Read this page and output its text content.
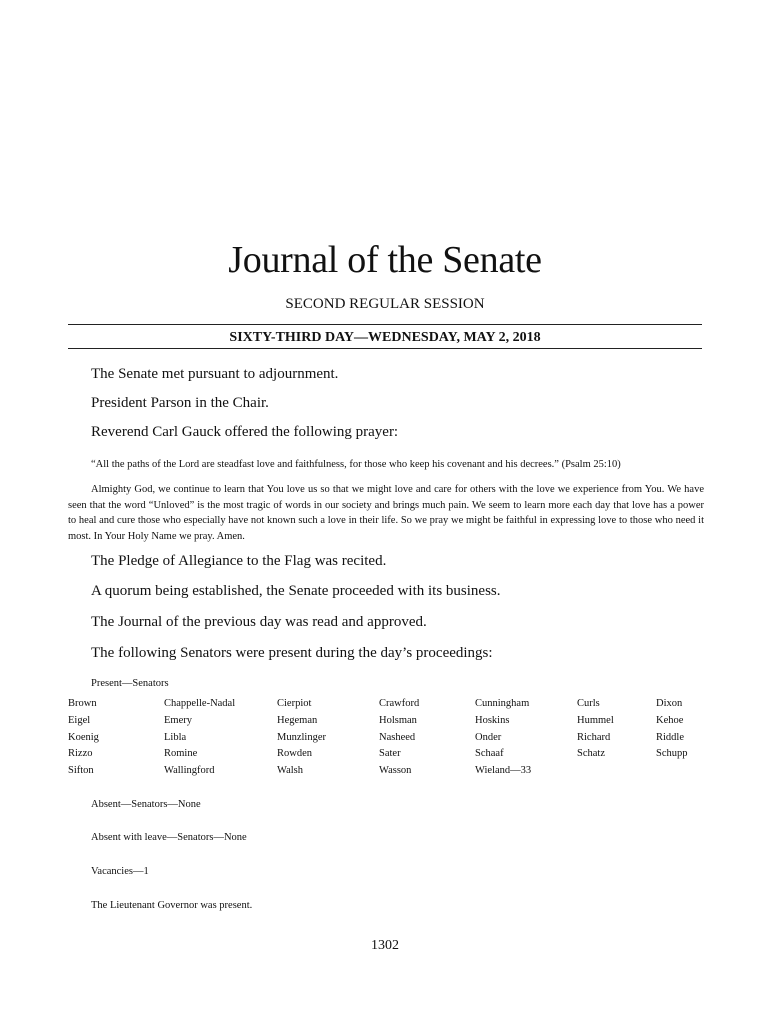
Journal of the Senate
SECOND REGULAR SESSION
SIXTY-THIRD DAY—WEDNESDAY, MAY 2, 2018
The Senate met pursuant to adjournment.
President Parson in the Chair.
Reverend Carl Gauck offered the following prayer:
“All the paths of the Lord are steadfast love and faithfulness, for those who keep his covenant and his decrees.” (Psalm 25:10)
Almighty God, we continue to learn that You love us so that we might love and care for others with the love we experience from You. We have seen that the word “Unloved” is the most tragic of words in our society and brings much pain. We seem to learn more each day that love has a power to heal and cure those who especially have not known such a love in their life. So we pray we might be faithful in expressing love to those who need it most. In Your Holy Name we pray. Amen.
The Pledge of Allegiance to the Flag was recited.
A quorum being established, the Senate proceeded with its business.
The Journal of the previous day was read and approved.
The following Senators were present during the day’s proceedings:
Present—Senators
Brown	Chappelle-Nadal	Cierpiot	Crawford	Cunningham	Curls	Dixon
Eigel	Emery	Hegeman	Holsman	Hoskins	Hummel	Kehoe
Koenig	Libla	Munzlinger	Nasheed	Onder	Richard	Riddle
Rizzo	Romine	Rowden	Sater	Schaaf	Schatz	Schupp
Sifton	Wallingford	Walsh	Wasson	Wieland—33
Absent—Senators—None
Absent with leave—Senators—None
Vacancies—1
The Lieutenant Governor was present.
1302
